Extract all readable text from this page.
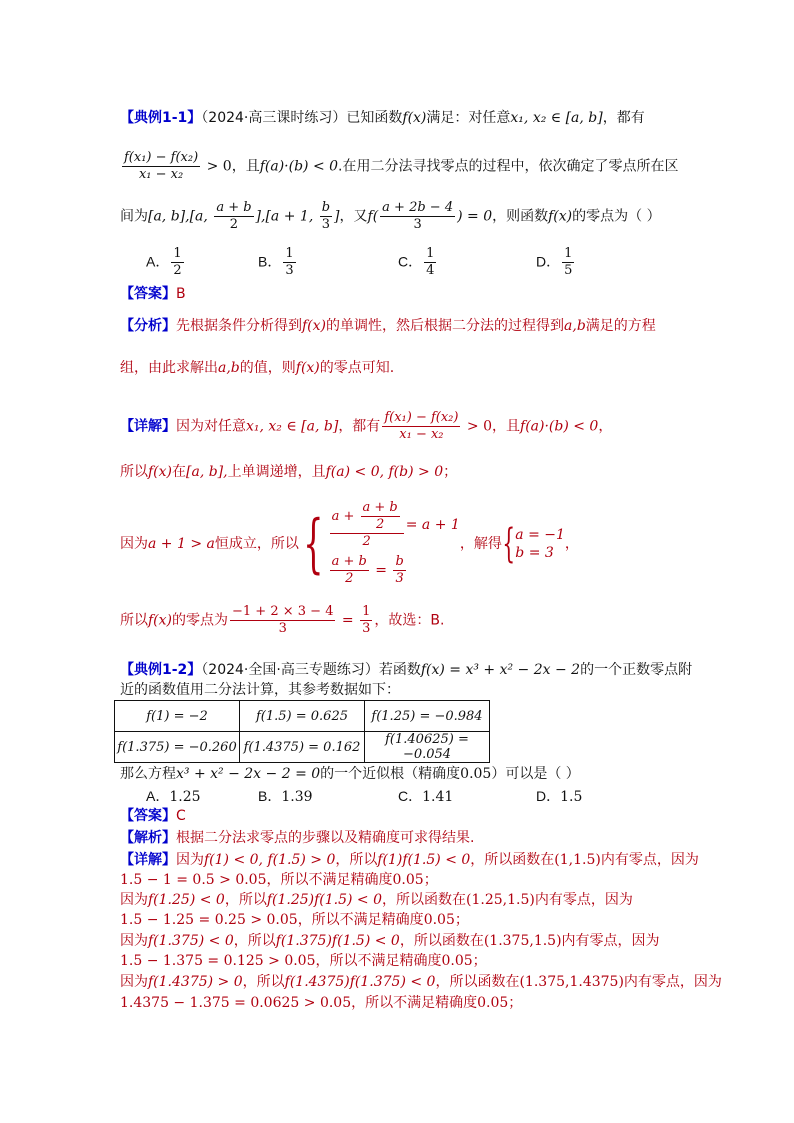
【典例1-1】（2024·高三课时练习）已知函数f(x)满足：对任意x₁, x₂ ∈ [a, b]，都有
$\frac{\text{f(x₁) − f(x₂)}}{\text{x₁ − x₂}} > 0$，且f(a)·(b) < 0.在用二分法寻找零点的过程中，依次确定了零点所在区
间为[a, b],[a, $\frac{a + b}{2} ],[a + 1$, $\frac{b}{3}$ ]，又$f( \frac{a + 2b - 4}{3}$ ) = 0，则函数f(x)的零点为（ ）
A． $\frac{1}{2}$	B． $\frac{1}{3}$	C． $\frac{1}{4}$	D． $\frac{1}{5}$
【答案】B
【分析】先根据条件分析得到f(x)的单调性，然后根据二分法的过程得到a,b满足的方程
组，由此求解出a,b的值，则f(x)的零点可知.
【详解】因为对任意x₁, x₂ ∈ [a, b]，都有 $\frac{\text{f(x₁) − f(x₂)}}{\text{x₁ − x₂}} > 0$，且f(a)·(b) < 0，
所以f(x)在[a, b],上单调递增，且f(a) < 0, f(b) > 0；
因为a + 1 > a恒成立，所以{ $\frac{a + \frac{a + b}{2}}{2} = a + 1$
$\frac{a + b}{2} = \frac{b}{3}$
，解得{ a = −1
b = 3
，
所以f(x)的零点为 $\frac{-1 + 2 \times 3 - 4}{3} = \frac{1}{3}$ ，故选：B.
【典例1-2】（2024·全国·高三专题练习）若函数f(x) = x³ + x² − 2x − 2的一个正数零点附
近的函数值用二分法计算，其参考数据如下：
f(1) = −2	f(1.5) = 0.625	f(1.25) = −0.984
f(1.375) = −0.260	f(1.4375) = 0.162	f(1.40625) = −0.054
那么方程x³ + x² − 2x − 2 = 0的一个近似根（精确度0.05）可以是（ ）
A．1.25	B．1.39	C．1.41	D．1.5
【答案】C
【解析】根据二分法求零点的步骤以及精确度可求得结果.
【详解】因为f(1) < 0, f(1.5) > 0，所以f(1)f(1.5) < 0，所以函数在(1,1.5)内有零点，因为
1.5 − 1 = 0.5 > 0.05，所以不满足精确度0.05；
因为f(1.25) < 0，所以f(1.25)f(1.5) < 0，所以函数在(1.25,1.5)内有零点，因为
1.5 − 1.25 = 0.25 > 0.05，所以不满足精确度0.05；
因为f(1.375) < 0，所以f(1.375)f(1.5) < 0，所以函数在(1.375,1.5)内有零点，因为
1.5 − 1.375 = 0.125 > 0.05，所以不满足精确度0.05；
因为f(1.4375) > 0，所以f(1.4375)f(1.375) < 0，所以函数在(1.375,1.4375)内有零点，因为
1.4375 − 1.375 = 0.0625 > 0.05，所以不满足精确度0.05；
